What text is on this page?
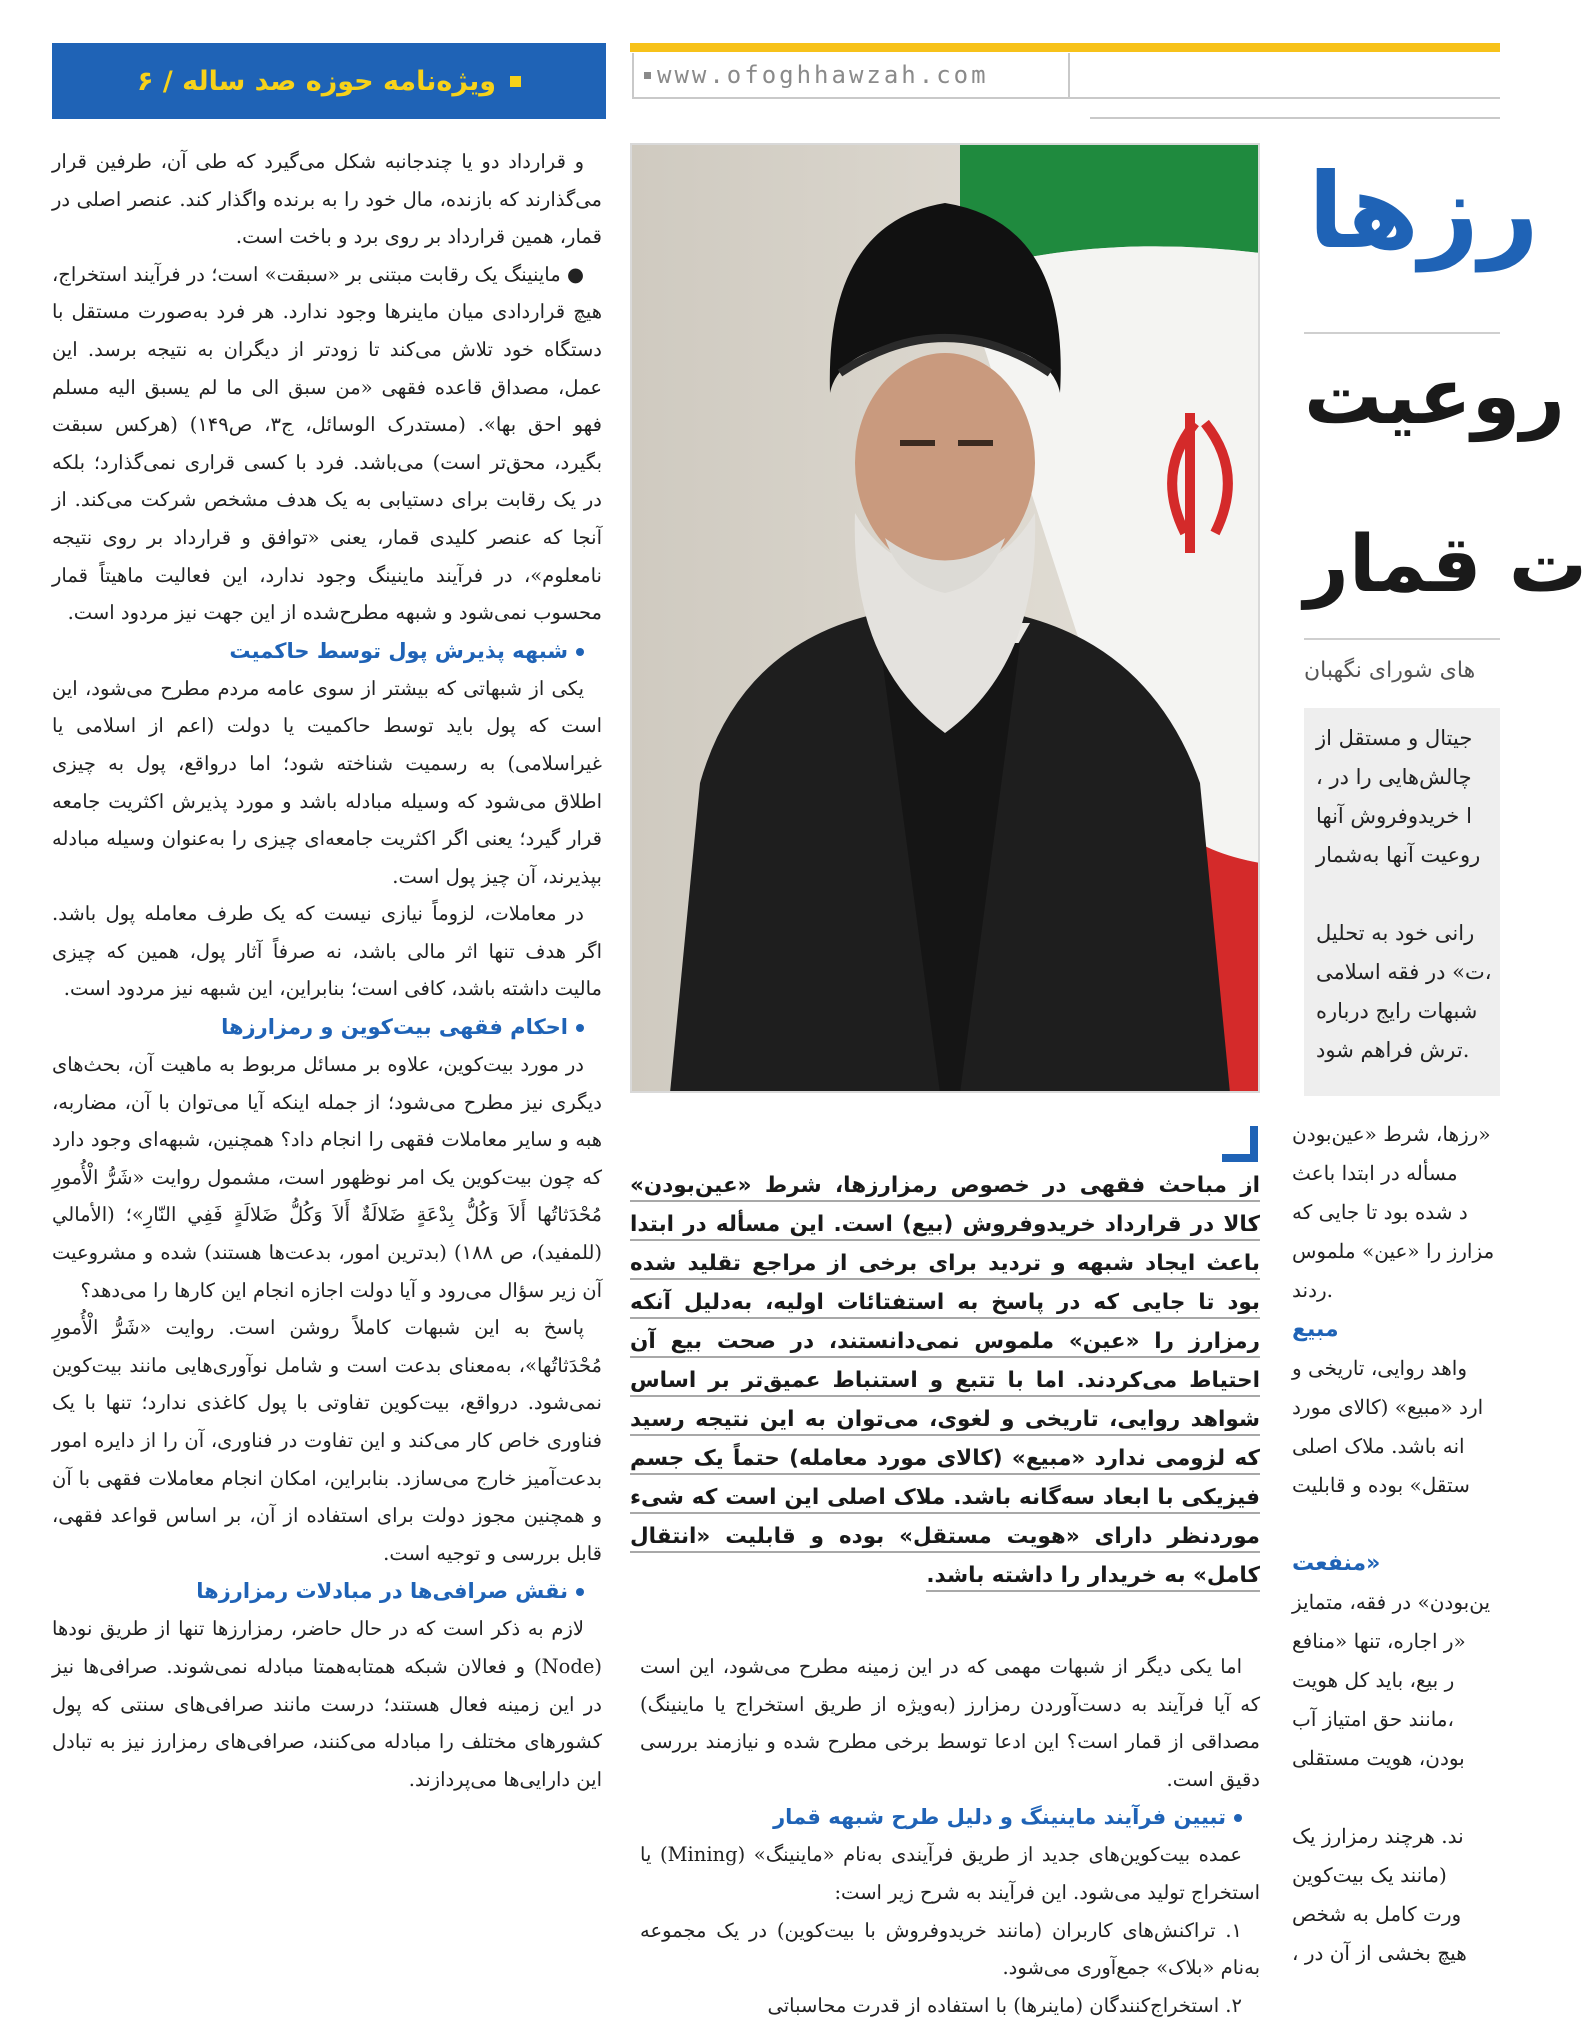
ویژه‌نامه حوزه صد ساله / ۶	www.ofoghhawzah.com

و قرارداد دو یا چندجانبه شکل می‌گیرد که طی آن، طرفین قرار می‌گذارند که بازنده، مال خود را به برنده واگذار کند. عنصر اصلی در قمار، همین قرارداد بر روی برد و باخت است.

● ماینینگ یک رقابت مبتنی بر «سبقت» است؛ در فرآیند استخراج، هیچ قراردادی میان ماینرها وجود ندارد. هر فرد به‌صورت مستقل با دستگاه خود تلاش می‌کند تا زودتر از دیگران به نتیجه برسد. این عمل، مصداق قاعده فقهی «من سبق الی ما لم یسبق الیه مسلم فهو احق بها». (مستدرک الوسائل، ج۳، ص۱۴۹) (هرکس سبقت بگیرد، محق‌تر است) می‌باشد. فرد با کسی قراری نمی‌گذارد؛ بلکه در یک رقابت برای دستیابی به یک هدف مشخص شرکت می‌کند. از آنجا که عنصر کلیدی قمار، یعنی «توافق و قرارداد بر روی نتیجه نامعلوم»، در فرآیند ماینینگ وجود ندارد، این فعالیت ماهیتاً قمار محسوب نمی‌شود و شبهه مطرح‌شده از این جهت نیز مردود است.

شبهه پذیرش پول توسط حاکمیت

یکی از شبهاتی که بیشتر از سوی عامه مردم مطرح می‌شود، این است که پول باید توسط حاکمیت یا دولت (اعم از اسلامی یا غیراسلامی) به رسمیت شناخته شود؛ اما درواقع، پول به چیزی اطلاق می‌شود که وسیله مبادله باشد و مورد پذیرش اکثریت جامعه قرار گیرد؛ یعنی اگر اکثریت جامعه‌ای چیزی را به‌عنوان وسیله مبادله بپذیرند، آن چیز پول است.

در معاملات، لزوماً نیازی نیست که یک طرف معامله پول باشد. اگر هدف تنها اثر مالی باشد، نه صرفاً آثار پول، همین که چیزی مالیت داشته باشد، کافی است؛ بنابراین، این شبهه نیز مردود است.

احکام فقهی بیت‌کوین و رمزارزها

در مورد بیت‌کوین، علاوه بر مسائل مربوط به ماهیت آن، بحث‌های دیگری نیز مطرح می‌شود؛ از جمله اینکه آیا می‌توان با آن، مضاربه، هبه و سایر معاملات فقهی را انجام داد؟ همچنین، شبهه‌ای وجود دارد که چون بیت‌کوین یک امر نوظهور است، مشمول روایت «شَرُّ الْأُمورِ مُحْدَثاتُها أَلاَ وَكُلُّ بِدْعَةٍ ضَلالَةٌ أَلاَ وَكُلُّ ضَلالَةٍ فَفِي النّارِ»؛ (الأمالي (للمفيد)، ص ۱۸۸) (بدترین امور، بدعت‌ها هستند) شده و مشروعیت آن زیر سؤال می‌رود و آیا دولت اجازه انجام این کارها را می‌دهد؟

پاسخ به این شبهات کاملاً روشن است. روایت «شَرُّ الْأُمورِ مُحْدَثاتُها»، به‌معنای بدعت است و شامل نوآوری‌هایی مانند بیت‌کوین نمی‌شود. درواقع، بیت‌کوین تفاوتی با پول کاغذی ندارد؛ تنها با یک فناوری خاص کار می‌کند و این تفاوت در فناوری، آن را از دایره امور بدعت‌آمیز خارج می‌سازد. بنابراین، امکان انجام معاملات فقهی با آن و همچنین مجوز دولت برای استفاده از آن، بر اساس قواعد فقهی، قابل بررسی و توجیه است.

نقش صرافی‌ها در مبادلات رمزارزها

لازم به ذکر است که در حال حاضر، رمزارزها تنها از طریق نودها (Node) و فعالان شبکه همتابه‌همتا مبادله نمی‌شوند. صرافی‌ها نیز در این زمینه فعال هستند؛ درست مانند صرافی‌های سنتی که پول کشورهای مختلف را مبادله می‌کنند، صرافی‌های رمزارز نیز به تبادل این دارایی‌ها می‌پردازند.

از مباحث فقهی در خصوص رمزارزها، شرط «عین‌بودن» کالا در قرارداد خریدوفروش (بیع) است. این مسأله در ابتدا باعث ایجاد شبهه و تردید برای برخی از مراجع تقلید شده بود تا جایی که در پاسخ به استفتائات اولیه، به‌دلیل آنکه رمزارز را «عین» ملموس نمی‌دانستند، در صحت بیع آن احتیاط می‌کردند. اما با تتبع و استنباط عمیق‌تر بر اساس شواهد روایی، تاریخی و لغوی، می‌توان به این نتیجه رسید که لزومی ندارد «مبیع» (کالای مورد معامله) حتماً یک جسم فیزیکی با ابعاد سه‌گانه باشد. ملاک اصلی این است که شیء موردنظر دارای «هویت مستقل» بوده و قابلیت «انتقال کامل» به خریدار را داشته باشد.

اما یکی دیگر از شبهات مهمی که در این زمینه مطرح می‌شود، این است که آیا فرآیند به دست‌آوردن رمزارز (به‌ویژه از طریق استخراج یا ماینینگ) مصداقی از قمار است؟ این ادعا توسط برخی مطرح شده و نیازمند بررسی دقیق است.

تبیین فرآیند ماینینگ و دلیل طرح شبهه قمار

عمده بیت‌کوین‌های جدید از طریق فرآیندی به‌نام «ماینینگ» (Mining) یا استخراج تولید می‌شود. این فرآیند به شرح زیر است:

۱. تراکنش‌های کاربران (مانند خریدوفروش با بیت‌کوین) در یک مجموعه به‌نام «بلاک» جمع‌آوری می‌شود.

۲. استخراج‌کنندگان (ماینرها) با استفاده از قدرت محاسباتی

رزها
روعیت
ت قمار
های شورای نگهبان
جیتال و مستقل از
، چالش‌هایی را در
ا خریدوفروش آنها
روعیت آنها به‌شمار
رانی خود به تحلیل
ت» در فقه اسلامی،
شبهات رایج درباره
ترش فراهم شود.
رزها، شرط «عین‌بودن»
مسأله در ابتدا باعث
د شده بود تا جایی که
مزارز را «عین» ملموس
ردند.
مبیع
واهد روایی، تاریخی و
ارد «مبیع» (کالای مورد
انه باشد. ملاک اصلی
ستقل» بوده و قابلیت
منفعت»
ین‌بودن» در فقه، متمایز
ر اجاره، تنها «منافع»
ر بیع، باید کل هویت
مانند حق امتیاز آب،
بودن، هویت مستقلی
ند. هرچند رمزارز یک
مانند یک بیت‌کوین)
ورت کامل به شخص
، هیچ بخشی از آن در
